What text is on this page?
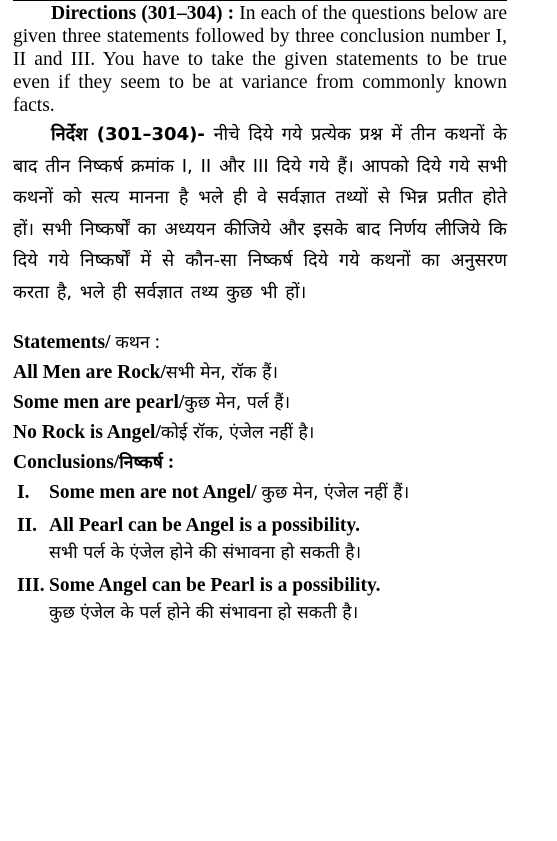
Directions (301–304) : In each of the questions below are given three statements followed by three conclusion number I, II and III. You have to take the given statements to be true even if they seem to be at variance from commonly known facts.

निर्देश (301–304)- नीचे दिये गये प्रत्येक प्रश्न में तीन कथनों के बाद तीन निष्कर्ष क्रमांक I, II और III दिये गये हैं। आपको दिये गये सभी कथनों को सत्य मानना है भले ही वे सर्वज्ञात तथ्यों से भिन्न प्रतीत होते हों। सभी निष्कर्षों का अध्ययन कीजिये और इसके बाद निर्णय लीजिये कि दिये गये निष्कर्षों में से कौन-सा निष्कर्ष दिये गये कथनों का अनुसरण करता है, भले ही सर्वज्ञात तथ्य कुछ भी हों।

Statements/ कथन :

All Men are Rock/सभी मेन, रॉक हैं।

Some men are pearl/कुछ मेन, पर्ल हैं।

No Rock is Angel/कोई रॉक, एंजेल नहीं है।

Conclusions/निष्कर्ष :

I. Some men are not Angel/ कुछ मेन, एंजेल नहीं हैं।
II. All Pearl can be Angel is a possibility.
सभी पर्ल के एंजेल होने की संभावना हो सकती है।
III. Some Angel can be Pearl is a possibility.
कुछ एंजेल के पर्ल होने की संभावना हो सकती है।
